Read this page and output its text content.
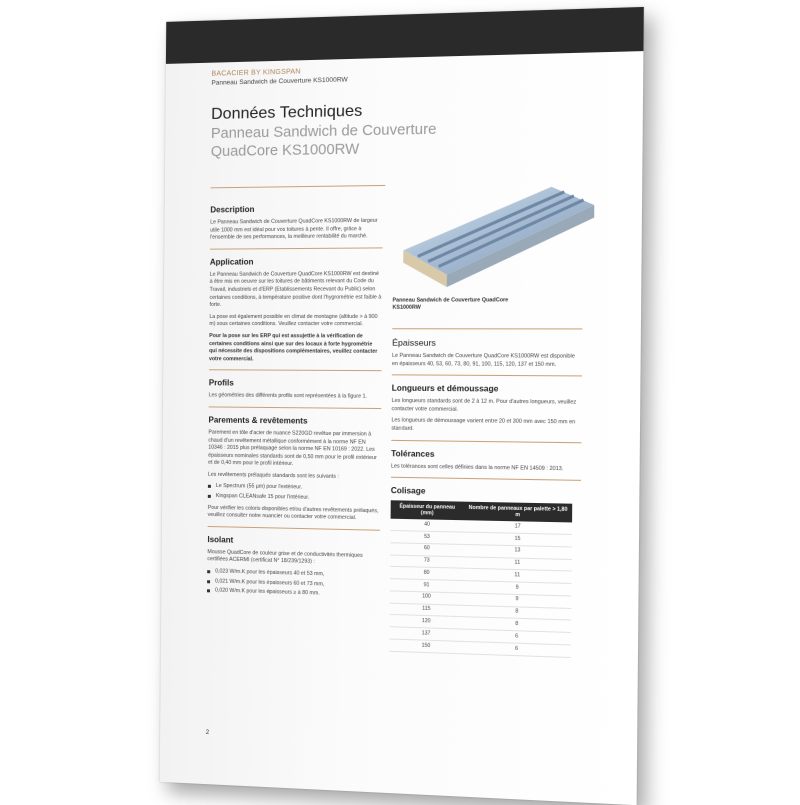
BACACIER BY KINGSPAN
Panneau Sandwich de Couverture KS1000RW

Données Techniques

Panneau Sandwich de Couverture

QuadCore KS1000RW

Description

Le Panneau Sandwich de Couverture QuadCore KS1000RW de largeur utile 1000 mm est idéal pour vos toitures à pente. Il offre, grâce à l'ensemble de ses performances, la meilleure rentabilité du marché.

Application

Le Panneau Sandwich de Couverture QuadCore KS1000RW est destiné à être mis en oeuvre sur les toitures de bâtiments relevant du Code du Travail, industriels et d'ERP (Etablissements Recevant du Public) selon certaines conditions, à température positive dont l'hygrométrie est faible à forte.

La pose est également possible en climat de montagne (altitude > à 900 m) sous certaines conditions. Veuillez contacter votre commercial.

Pour la pose sur les ERP qui est assujettie à la vérification de certaines conditions ainsi que sur des locaux à forte hygrométrie qui nécessite des dispositions complémentaires, veuillez contacter votre commercial.

Profils

Les géométries des différents profils sont représentées à la figure 1.

Parements & revêtements

Parement en tôle d'acier de nuance S220GD revêtue par immersion à chaud d'un revêtement métallique conformément à la norme NF EN 10346 : 2015 plus prélaquage selon la norme NF EN 10169 : 2022. Les épaisseurs nominales standards sont de 0,50 mm pour le profil extérieur et de 0,40 mm pour le profil intérieur.

Les revêtements prélaqués standards sont les suivants :

Le Spectrum (55 µm) pour l'extérieur.
Kingspan CLEANsafe 15 pour l'intérieur.

Pour vérifier les coloris disponibles et/ou d'autres revêtements prélaqués, veuillez consulter notre nuancier ou contacter votre commercial.

Isolant

Mousse QuadCore de couleur grise et de conductivités thermiques certifiées ACERMI (certificat N° 18/239/1293) :

0,023 W/m.K pour les épaisseurs 40 et 53 mm,
0,021 W/m.K pour les épaisseurs 60 et 73 mm,
0,020 W/m.K pour les épaisseurs ≥ à 80 mm.
Panneau Sandwich de Couverture QuadCore KS1000RW
Épaisseurs

Le Panneau Sandwich de Couverture QuadCore KS1000RW est disponible en épaisseurs 40, 53, 60, 73, 80, 91, 100, 115, 120, 137 et 150 mm.

Longueurs et démoussage

Les longueurs standards sont de 2 à 12 m. Pour d'autres longueurs, veuillez contacter votre commercial.

Les longueurs de démoussage varient entre 20 et 300 mm avec 150 mm en standard.

Tolérances

Les tolérances sont celles définies dans la norme NF EN 14509 : 2013.

Colisage
Épaisseur du panneau (mm)	Nombre de panneaux par palette > 1,80 m
40	17
53	15
60	13
73	11
80	11
91	9
100	9
115	8
120	8
137	6
150	6
2
